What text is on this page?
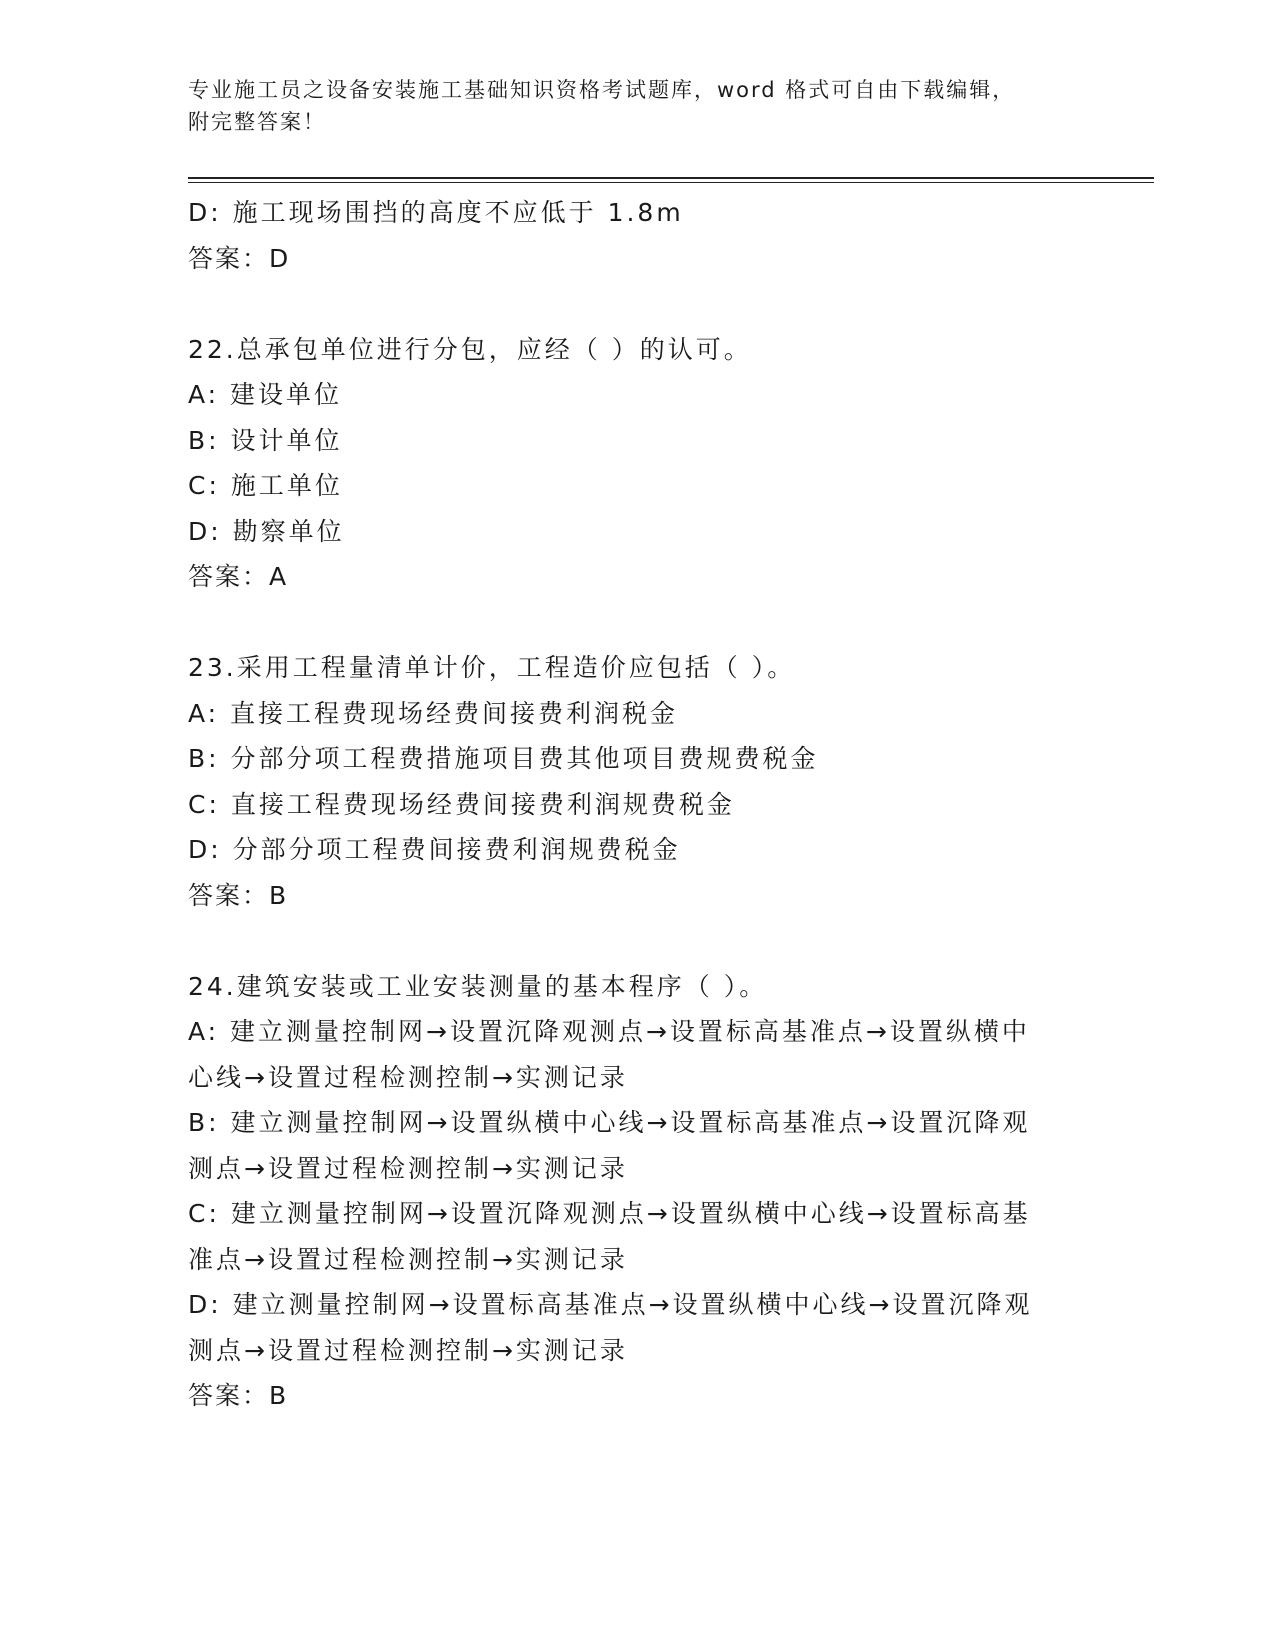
专业施工员之设备安装施工基础知识资格考试题库，word 格式可自由下载编辑，
附完整答案！
D: 施工现场围挡的高度不应低于 1.8m
答案：D
22.总承包单位进行分包，应经（ ）的认可。
A: 建设单位
B: 设计单位
C: 施工单位
D: 勘察单位
答案：A
23.采用工程量清单计价，工程造价应包括（ ）。
A: 直接工程费现场经费间接费利润税金
B: 分部分项工程费措施项目费其他项目费规费税金
C: 直接工程费现场经费间接费利润规费税金
D: 分部分项工程费间接费利润规费税金
答案：B
24.建筑安装或工业安装测量的基本程序（ ）。
A: 建立测量控制网→设置沉降观测点→设置标高基准点→设置纵横中
心线→设置过程检测控制→实测记录
B: 建立测量控制网→设置纵横中心线→设置标高基准点→设置沉降观
测点→设置过程检测控制→实测记录
C: 建立测量控制网→设置沉降观测点→设置纵横中心线→设置标高基
准点→设置过程检测控制→实测记录
D: 建立测量控制网→设置标高基准点→设置纵横中心线→设置沉降观
测点→设置过程检测控制→实测记录
答案：B
